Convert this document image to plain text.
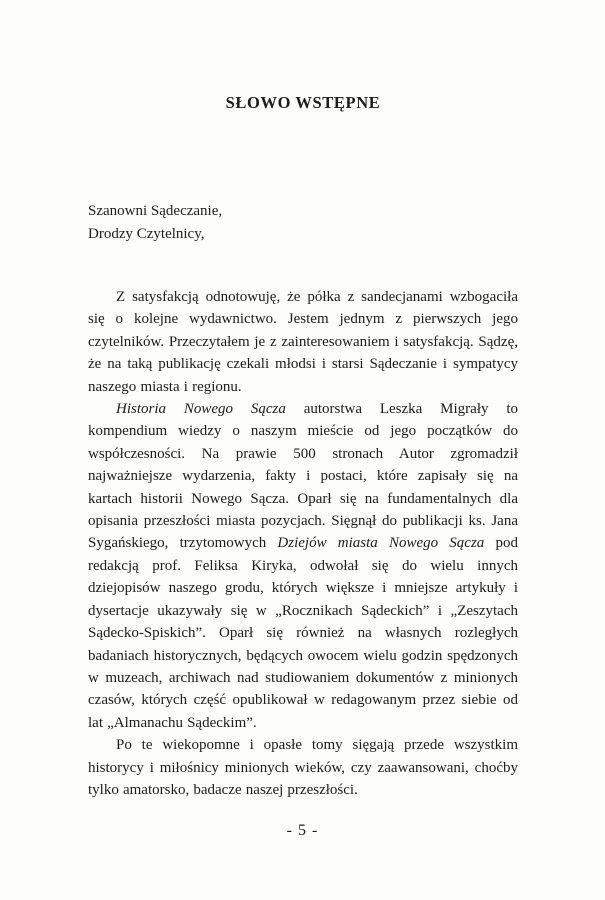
SŁOWO WSTĘPNE

Szanowni Sądeczanie,

Drodzy Czytelnicy,

Z satysfakcją odnotowuję, że półka z sandecjanami wzbogaciła się o kolejne wydawnictwo. Jestem jednym z pierwszych jego czytelników. Przeczytałem je z zainteresowaniem i satysfakcją. Sądzę, że na taką publikację czekali młodsi i starsi Sądeczanie i sympatycy naszego miasta i regionu.

Historia Nowego Sącza autorstwa Leszka Migrały to kompendium wiedzy o naszym mieście od jego początków do współczesności. Na prawie 500 stronach Autor zgromadził najważniejsze wydarzenia, fakty i postaci, które zapisały się na kartach historii Nowego Sącza. Oparł się na fundamentalnych dla opisania przeszłości miasta pozycjach. Sięgnął do publikacji ks. Jana Sygańskiego, trzytomowych Dziejów miasta Nowego Sącza pod redakcją prof. Feliksa Kiryka, odwołał się do wielu innych dziejopisów naszego grodu, których większe i mniejsze artykuły i dysertacje ukazywały się w „Rocznikach Sądeckich” i „Zeszytach Sądecko-Spiskich”. Oparł się również na własnych rozległych badaniach historycznych, będących owocem wielu godzin spędzonych w muzeach, archiwach nad studiowaniem dokumentów z minionych czasów, których część opublikował w redagowanym przez siebie od lat „Almanachu Sądeckim”.

Po te wiekopomne i opasłe tomy sięgają przede wszystkim historycy i miłośnicy minionych wieków, czy zaawansowani, choćby tylko amatorsko, badacze naszej przeszłości.

- 5 -
